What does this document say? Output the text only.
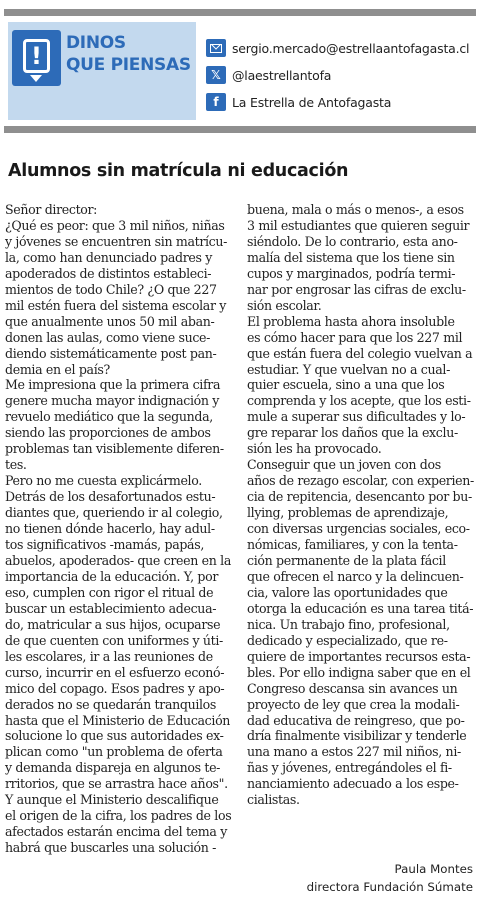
!	DINOS
QUE PIENSAS
sergio.mercado@estrellaantofagasta.cl
𝕏 @laestrellantofa
f	La Estrella de Antofagasta
Alumnos sin matrícula ni educación

Señor director:

¿Qué es peor: que 3 mil niños, niñas

y jóvenes se encuentren sin matrícu-

la, como han denunciado padres y

apoderados de distintos estableci-

mientos de todo Chile? ¿O que 227

mil estén fuera del sistema escolar y

que anualmente unos 50 mil aban-

donen las aulas, como viene suce-

diendo sistemáticamente post pan-

demia en el país?

Me impresiona que la primera cifra

genere mucha mayor indignación y

revuelo mediático que la segunda,

siendo las proporciones de ambos

problemas tan visiblemente diferen-

tes.

Pero no me cuesta explicármelo.

Detrás de los desafortunados estu-

diantes que, queriendo ir al colegio,

no tienen dónde hacerlo, hay adul-

tos significativos -mamás, papás,

abuelos, apoderados- que creen en la

importancia de la educación. Y, por

eso, cumplen con rigor el ritual de

buscar un establecimiento adecua-

do, matricular a sus hijos, ocuparse

de que cuenten con uniformes y úti-

les escolares, ir a las reuniones de

curso, incurrir en el esfuerzo econó-

mico del copago. Esos padres y apo-

derados no se quedarán tranquilos

hasta que el Ministerio de Educación

solucione lo que sus autoridades ex-

plican como "un problema de oferta

y demanda dispareja en algunos te-

rritorios, que se arrastra hace años".

Y aunque el Ministerio descalifique

el origen de la cifra, los padres de los

afectados estarán encima del tema y

habrá que buscarles una solución -

buena, mala o más o menos-, a esos

3 mil estudiantes que quieren seguir

siéndolo. De lo contrario, esta ano-

malía del sistema que los tiene sin

cupos y marginados, podría termi-

nar por engrosar las cifras de exclu-

sión escolar.

El problema hasta ahora insoluble

es cómo hacer para que los 227 mil

que están fuera del colegio vuelvan a

estudiar. Y que vuelvan no a cual-

quier escuela, sino a una que los

comprenda y los acepte, que los esti-

mule a superar sus dificultades y lo-

gre reparar los daños que la exclu-

sión les ha provocado.

Conseguir que un joven con dos

años de rezago escolar, con experien-

cia de repitencia, desencanto por bu-

llying, problemas de aprendizaje,

con diversas urgencias sociales, eco-

nómicas, familiares, y con la tenta-

ción permanente de la plata fácil

que ofrecen el narco y la delincuen-

cia, valore las oportunidades que

otorga la educación es una tarea titá-

nica. Un trabajo fino, profesional,

dedicado y especializado, que re-

quiere de importantes recursos esta-

bles. Por ello indigna saber que en el

Congreso descansa sin avances un

proyecto de ley que crea la modali-

dad educativa de reingreso, que po-

dría finalmente visibilizar y tenderle

una mano a estos 227 mil niños, ni-

ñas y jóvenes, entregándoles el fi-

nanciamiento adecuado a los espe-

cialistas.

Paula Montes
directora Fundación Súmate
